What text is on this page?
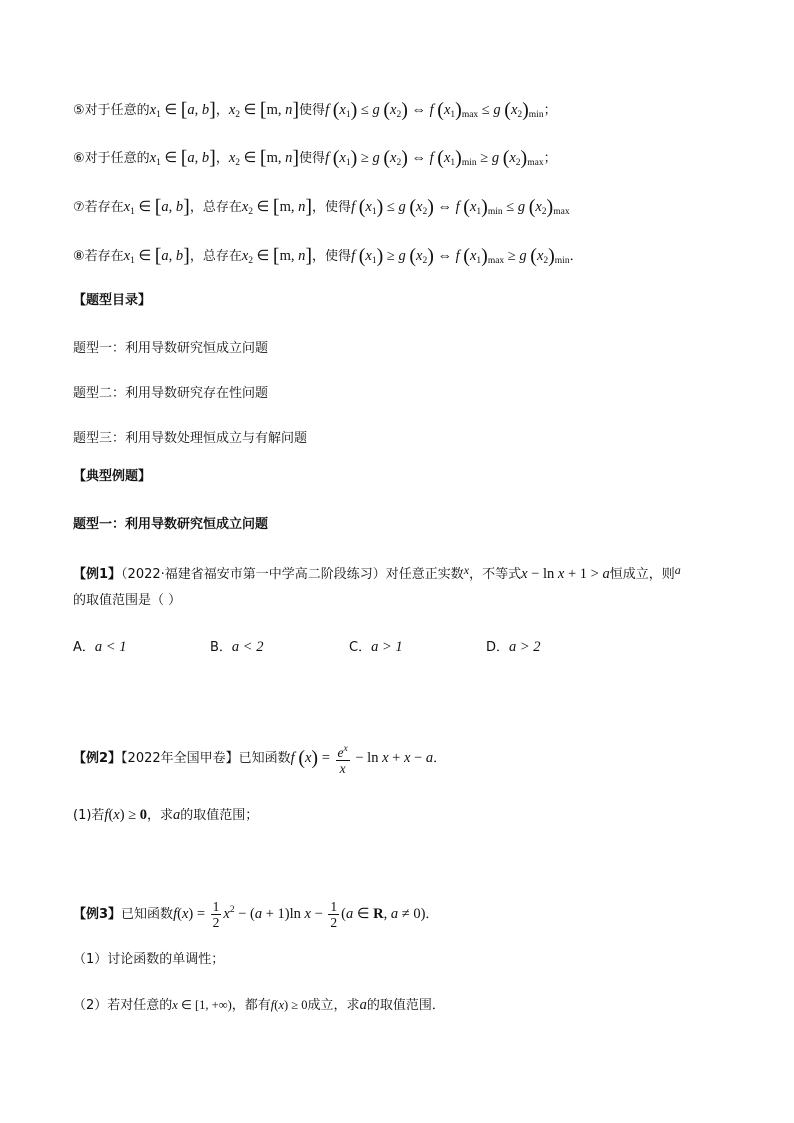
⑤对于任意的$x_1$ ∈ [a, b]，$x_2$ ∈ [m, n]使得f $(x_1) \le g$ $(x_2)$ ⇔ f $(x_1)_{max} \le g$ $(x_2)_{min}$；
⑥对于任意的$x_1$ ∈ [a, b]，$x_2$ ∈ [m, n]使得f $(x_1) \ge g$ $(x_2)$ ⇔ f $(x_1)_{min} \ge g$ $(x_2)_{max}$；
⑦若存在$x_1$ ∈ [a, b]，总存在$x_2$ ∈ [m, n]，使得f $(x_1) \le g$ $(x_2)$ ⇔ f $(x_1)_{min} \le g$ $(x_2)_{max}$
⑧若存在$x_1$ ∈ [a, b]，总存在$x_2$ ∈ [m, n]，使得f $(x_1) \ge g$ $(x_2)$ ⇔ f $(x_1)_{max} \ge g$ $(x_2)_{min}$．
【题型目录】
题型一：利用导数研究恒成立问题
题型二：利用导数研究存在性问题
题型三：利用导数处理恒成立与有解问题
【典型例题】
题型一：利用导数研究恒成立问题
【例1】（2022·福建省福安市第一中学高二阶段练习）对任意正实数x，不等式x − ln x + 1 > a恒成立，则a
的取值范围是（ ）
A．a < 1	B．a < 2	C．a > 1	D．a > 2
【例2】【2022年全国甲卷】已知函数f $(x) = \frac{e^x}{x} - \ln x + x - a$．
(1)若f(x) ≥ 0，求a的取值范围；
【例3】已知函数$f(x) = \frac{1}{2} x^2 - (a + 1)\ln$ $x - \frac{1}{2} (a$ ∈ R, a ≠ 0)．
（1）讨论函数的单调性；
（2）若对任意的x ∈ [1, +∞)，都有f(x) ≥ 0成立，求a的取值范围．
